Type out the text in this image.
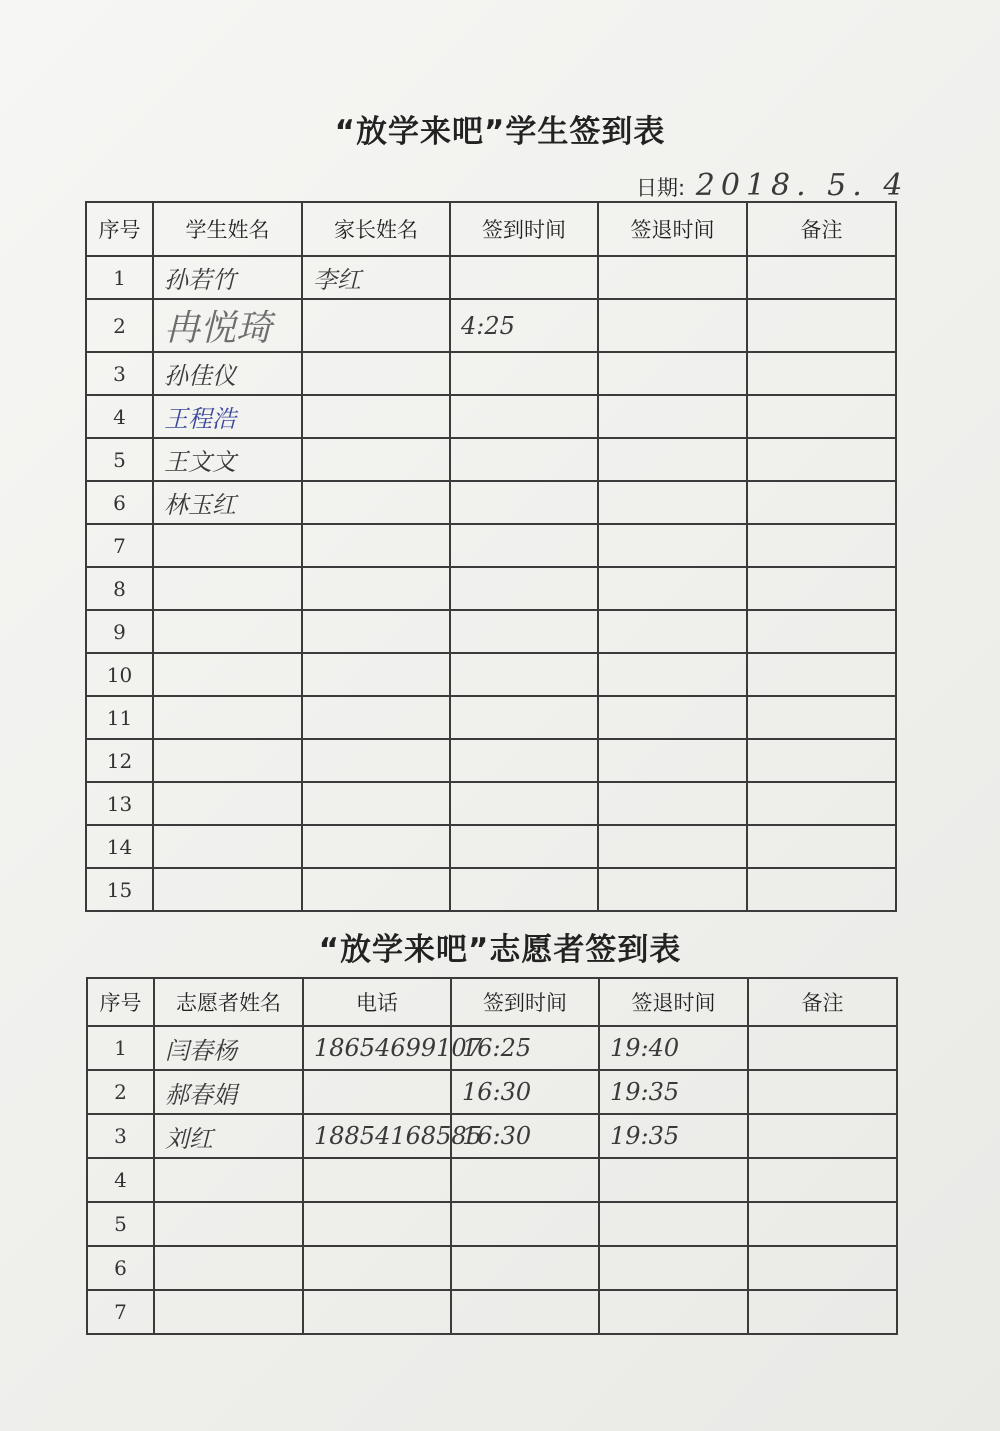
“放学来吧”学生签到表
日期: 2018. 5. 4
序号	学生姓名	家长姓名	签到时间	签退时间	备注
1	孙若竹	李红			
2	冉悦琦		4:25		
3	孙佳仪				
4	王程浩				
5	王文文				
6	林玉红				
7					
8					
9					
10					
11					
12					
13					
14					
15					
“放学来吧”志愿者签到表
序号	志愿者姓名	电话	签到时间	签退时间	备注
1	闫春杨	18654699107	16:25	19:40	
2	郝春娟		16:30	19:35	
3	刘红	18854168585	16:30	19:35	
4					
5					
6					
7					
